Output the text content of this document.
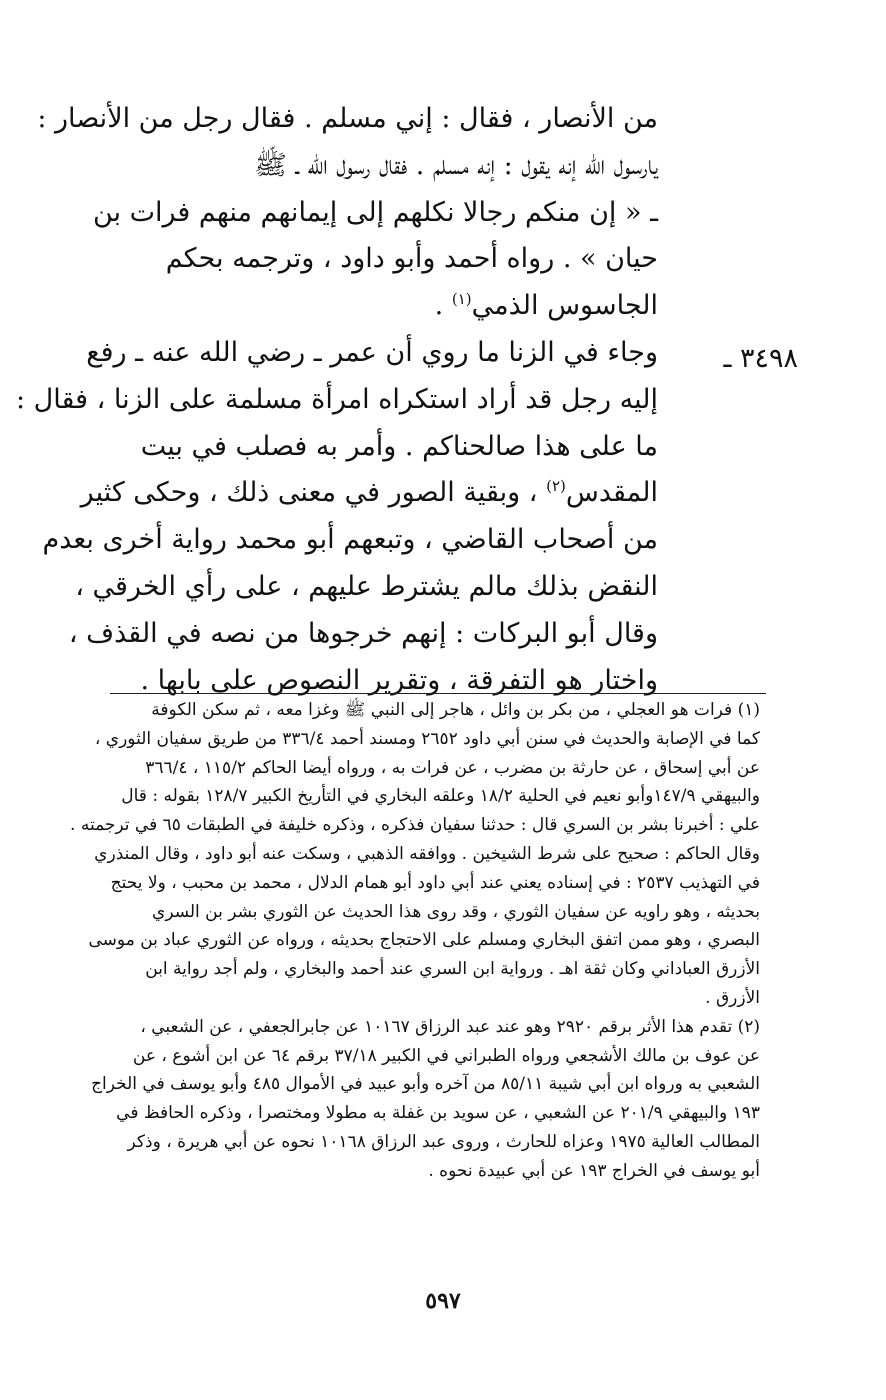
من الأنصار ، فقال : إني مسلم . فقال رجل من الأنصار :
يارسول الله إنه يقول : إنه مسلم . فقال رسول الله ـ ﷺ
ـ « إن منكم رجالا نكلهم إلى إيمانهم منهم فرات بن
حيان » . رواه أحمد وأبو داود ، وترجمه بحكم
الجاسوس الذمي$^{(١)}$ .
وجاء في الزنا ما روي أن عمر ـ رضي الله عنه ـ رفع
إليه رجل قد أراد استكراه امرأة مسلمة على الزنا ، فقال :
ما على هذا صالحناكم . وأمر به فصلب في بيت
المقدس$^{(٢)}$ ، وبقية الصور في معنى ذلك ، وحكى كثير
من أصحاب القاضي ، وتبعهم أبو محمد رواية أخرى بعدم
النقض بذلك مالم يشترط عليهم ، على رأي الخرقي ،
وقال أبو البركات : إنهم خرجوها من نصه في القذف ،
واختار هو التفرقة ، وتقرير النصوص على بابها .
٣٤٩٨ ـ
(١) فرات هو العجلي ، من بكر بن وائل ، هاجر إلى النبي ﷺ وغزا معه ، ثم سكن الكوفة
كما في الإصابة والحديث في سنن أبي داود ٢٦٥٢ ومسند أحمد ٣٣٦/٤ من طريق سفيان الثوري ،
عن أبي إسحاق ، عن حارثة بن مضرب ، عن فرات به ، ورواه أيضا الحاكم ١١٥/٢ ، ٣٦٦/٤
والبيهقي ١٤٧/٩وأبو نعيم في الحلية ١٨/٢ وعلقه البخاري في التأريخ الكبير ١٢٨/٧ بقوله : قال
علي : أخبرنا بشر بن السري قال : حدثنا سفيان فذكره ، وذكره خليفة في الطبقات ٦٥ في ترجمته .
وقال الحاكم : صحيح على شرط الشيخين . ووافقه الذهبي ، وسكت عنه أبو داود ، وقال المنذري
في التهذيب ٢٥٣٧ : في إسناده يعني عند أبي داود أبو همام الدلال ، محمد بن محبب ، ولا يحتج
بحديثه ، وهو راويه عن سفيان الثوري ، وقد روى هذا الحديث عن الثوري بشر بن السري
البصري ، وهو ممن اتفق البخاري ومسلم على الاحتجاج بحديثه ، ورواه عن الثوري عباد بن موسى
الأزرق العباداني وكان ثقة اهـ . ورواية ابن السري عند أحمد والبخاري ، ولم أجد رواية ابن
الأزرق .
(٢) تقدم هذا الأثر برقم ٢٩٢٠ وهو عند عبد الرزاق ١٠١٦٧ عن جابرالجعفي ، عن الشعبي ،
عن عوف بن مالك الأشجعي ورواه الطبراني في الكبير ٣٧/١٨ برقم ٦٤ عن ابن أشوع ، عن
الشعبي به ورواه ابن أبي شيبة ٨٥/١١ من آخره وأبو عبيد في الأموال ٤٨٥ وأبو يوسف في الخراج
١٩٣ والبيهقي ٢٠١/٩ عن الشعبي ، عن سويد بن غفلة به مطولا ومختصرا ، وذكره الحافظ في
المطالب العالية ١٩٧٥ وعزاه للحارث ، وروى عبد الرزاق ١٠١٦٨ نحوه عن أبي هريرة ، وذكر
أبو يوسف في الخراج ١٩٣ عن أبي عبيدة نحوه .
٥٩٧
